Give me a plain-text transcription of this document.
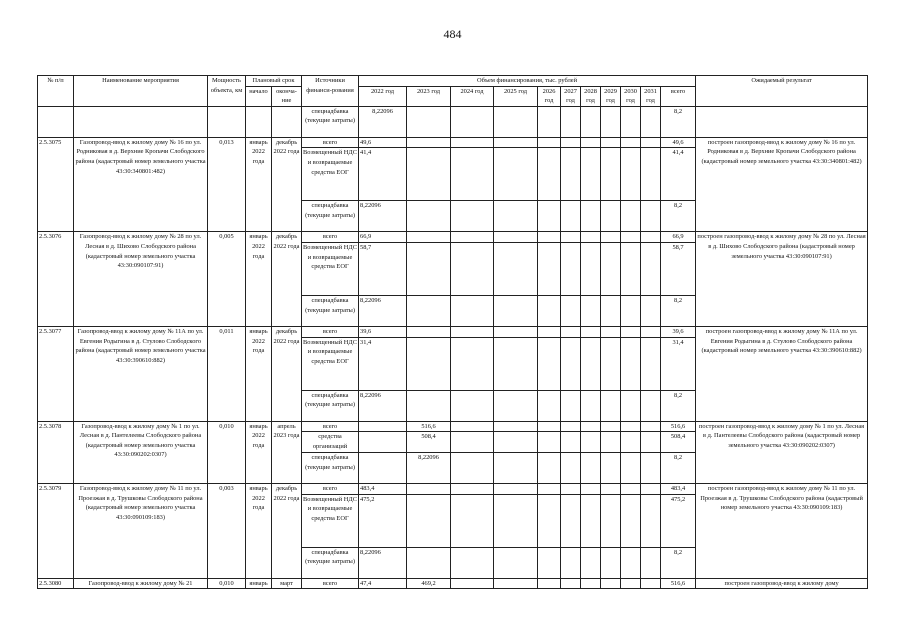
484
№ п/п	Наименование мероприятия	Мощность объекта, км	Плановый срок		Источники финанси-рования	Объем финансирования, тыс. рублей											Ожидаемый результат
			начало	оконча-ние		2022 год	2023 год	2024 год	2025 год	2026 год	2027 год	2028 год	2029 год	2030 год	2031 год	всего	
					спецнадбавка (текущие затраты)	8,22096										8,2	
2.5.3075	Газопровод-ввод к жилому дому № 16 по ул. Родниковая в д. Верхние Кропачи Слободского района (кадастровый номер земельного участка 43:30:340801:482)	0,013	январь 2022 года	декабрь 2022 года	всего	49,6										49,6	построен газопровод-ввод к жилому дому № 16 по ул. Родниковая в д. Верхние Кропачи Слободского района (кадастровый номер земельного участка 43:30:340801:482)
					Возмещенный НДС и возвращаемые средства ЕОГ	41,4										41,4	
					спецнадбавка (текущие затраты)	8,22096										8,2	
2.5.3076	Газопровод-ввод к жилому дому № 28 по ул. Лесная в д. Шихово Слободского района (кадастровый номер земельного участка 43:30:090107:91)	0,005	январь 2022 года	декабрь 2022 года	всего	66,9										66,9	построен газопровод-ввод к жилому дому № 28 по ул. Лесная в д. Шихово Слободского района (кадастровый номер земельного участка 43:30:090107:91)
					Возмещенный НДС и возвращаемые средства ЕОГ	58,7										58,7	
					спецнадбавка (текущие затраты)	8,22096										8,2	
2.5.3077	Газопровод-ввод к жилому дому № 11А по ул. Евгения Родыгина в д. Стулово Слободского района (кадастровый номер земельного участка 43:30:390610:882)	0,011	январь 2022 года	декабрь 2022 года	всего	39,6										39,6	построен газопровод-ввод к жилому дому № 11А по ул. Евгения Родыгина в д. Стулово Слободского района (кадастровый номер земельного участка 43:30:390610:882)
					Возмещенный НДС и возвращаемые средства ЕОГ	31,4										31,4	
					спецнадбавка (текущие затраты)	8,22096										8,2	
2.5.3078	Газопровод-ввод к жилому дому № 1 по ул. Лесная в д. Пантелеевы Слободского района (кадастровый номер земельного участка 43:30:090202:0307)	0,010	январь 2022 года	апрель 2023 года	всего		516,6									516,6	построен газопровод-ввод к жилому дому № 1 по ул. Лесная в д. Пантелеевы Слободского района (кадастровый номер земельного участка 43:30:090202:0307)
					средства организаций		508,4									508,4	
					спецнадбавка (текущие затраты)		8,22096									8,2	
2.5.3079	Газопровод-ввод к жилому дому № 11 по ул. Проезжая в д. Трушковы Слободского района (кадастровый номер земельного участка 43:30:090109:183)	0,003	январь 2022 года	декабрь 2022 года	всего	483,4										483,4	построен газопровод-ввод к жилому дому № 11 по ул. Проезжая в д. Трушковы Слободского района (кадастровый номер земельного участка 43:30:090109:183)
					Возмещенный НДС и возвращаемые средства ЕОГ	475,2										475,2	
					спецнадбавка (текущие затраты)	8,22096										8,2	
2.5.3080	Газопровод-ввод к жилому дому № 21	0,010	январь	март	всего	47,4	469,2									516,6	построен газопровод-ввод к жилому дому
